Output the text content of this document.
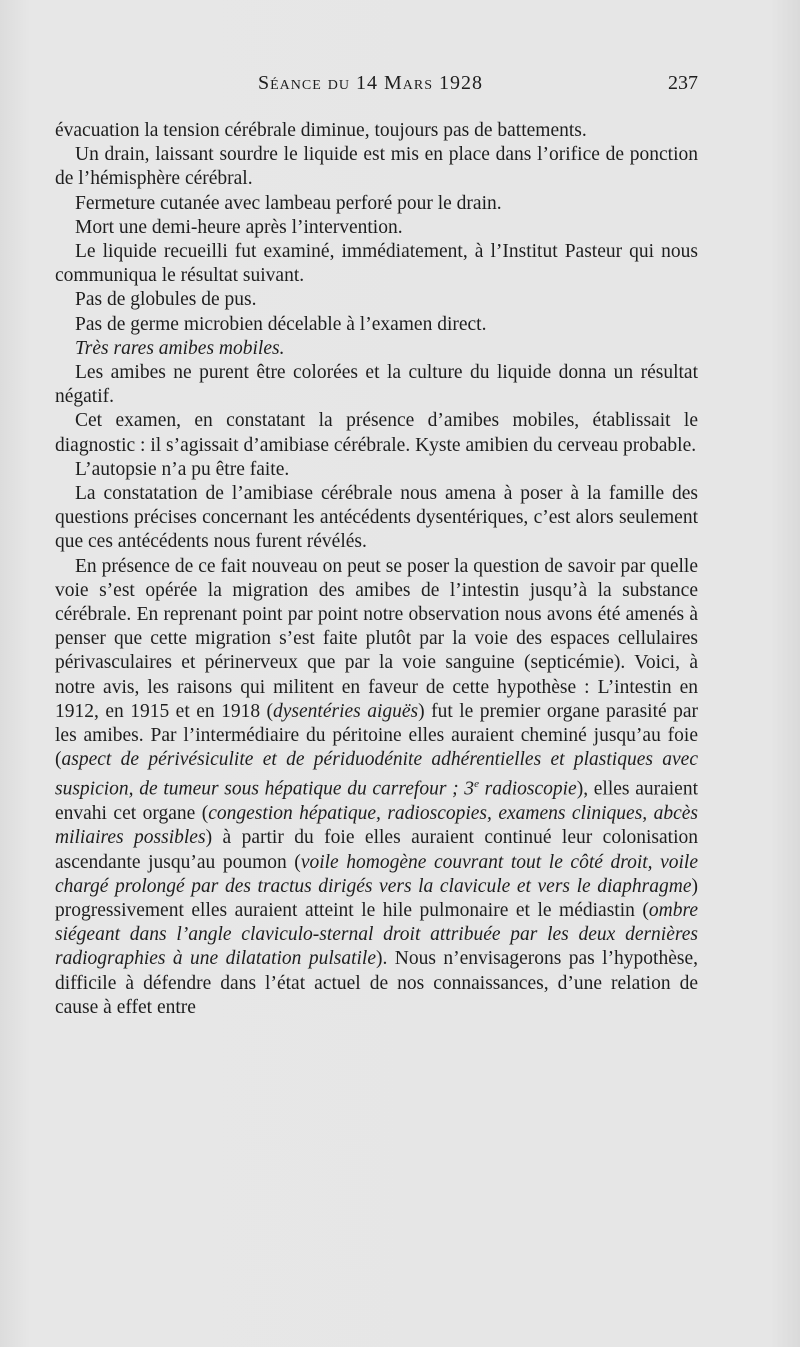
Séance du 14 Mars 1928	237

évacuation la tension cérébrale diminue, toujours pas de battements.

Un drain, laissant sourdre le liquide est mis en place dans l’orifice de ponction de l’hémisphère cérébral.

Fermeture cutanée avec lambeau perforé pour le drain.

Mort une demi-heure après l’intervention.

Le liquide recueilli fut examiné, immédiatement, à l’Institut Pasteur qui nous communiqua le résultat suivant.

Pas de globules de pus.

Pas de germe microbien décelable à l’examen direct.

Très rares amibes mobiles.

Les amibes ne purent être colorées et la culture du liquide donna un résultat négatif.

Cet examen, en constatant la présence d’amibes mobiles, établissait le diagnostic : il s’agissait d’amibiase cérébrale. Kyste amibien du cerveau probable.

L’autopsie n’a pu être faite.

La constatation de l’amibiase cérébrale nous amena à poser à la famille des questions précises concernant les antécédents dysentériques, c’est alors seulement que ces antécédents nous furent révélés.

En présence de ce fait nouveau on peut se poser la question de savoir par quelle voie s’est opérée la migration des amibes de l’intestin jusqu’à la substance cérébrale. En reprenant point par point notre observation nous avons été amenés à penser que cette migration s’est faite plutôt par la voie des espaces cellulaires périvasculaires et périnerveux que par la voie sanguine (septicémie). Voici, à notre avis, les raisons qui militent en faveur de cette hypothèse : L’intestin en 1912, en 1915 et en 1918 (dysentéries aiguës) fut le premier organe parasité par les amibes. Par l’intermédiaire du péritoine elles auraient cheminé jusqu’au foie (aspect de périvésiculite et de périduodénite adhérentielles et plastiques avec suspicion, de tumeur sous hépatique du carrefour ; 3e radioscopie), elles auraient envahi cet organe (congestion hépatique, radioscopies, examens cliniques, abcès miliaires possibles) à partir du foie elles auraient continué leur colonisation ascendante jusqu’au poumon (voile homogène couvrant tout le côté droit, voile chargé prolongé par des tractus dirigés vers la clavicule et vers le diaphragme) progressivement elles auraient atteint le hile pulmonaire et le médiastin (ombre siégeant dans l’angle claviculo-sternal droit attribuée par les deux dernières radiographies à une dilatation pulsatile). Nous n’envisagerons pas l’hypothèse, difficile à défendre dans l’état actuel de nos connaissances, d’une relation de cause à effet entre
